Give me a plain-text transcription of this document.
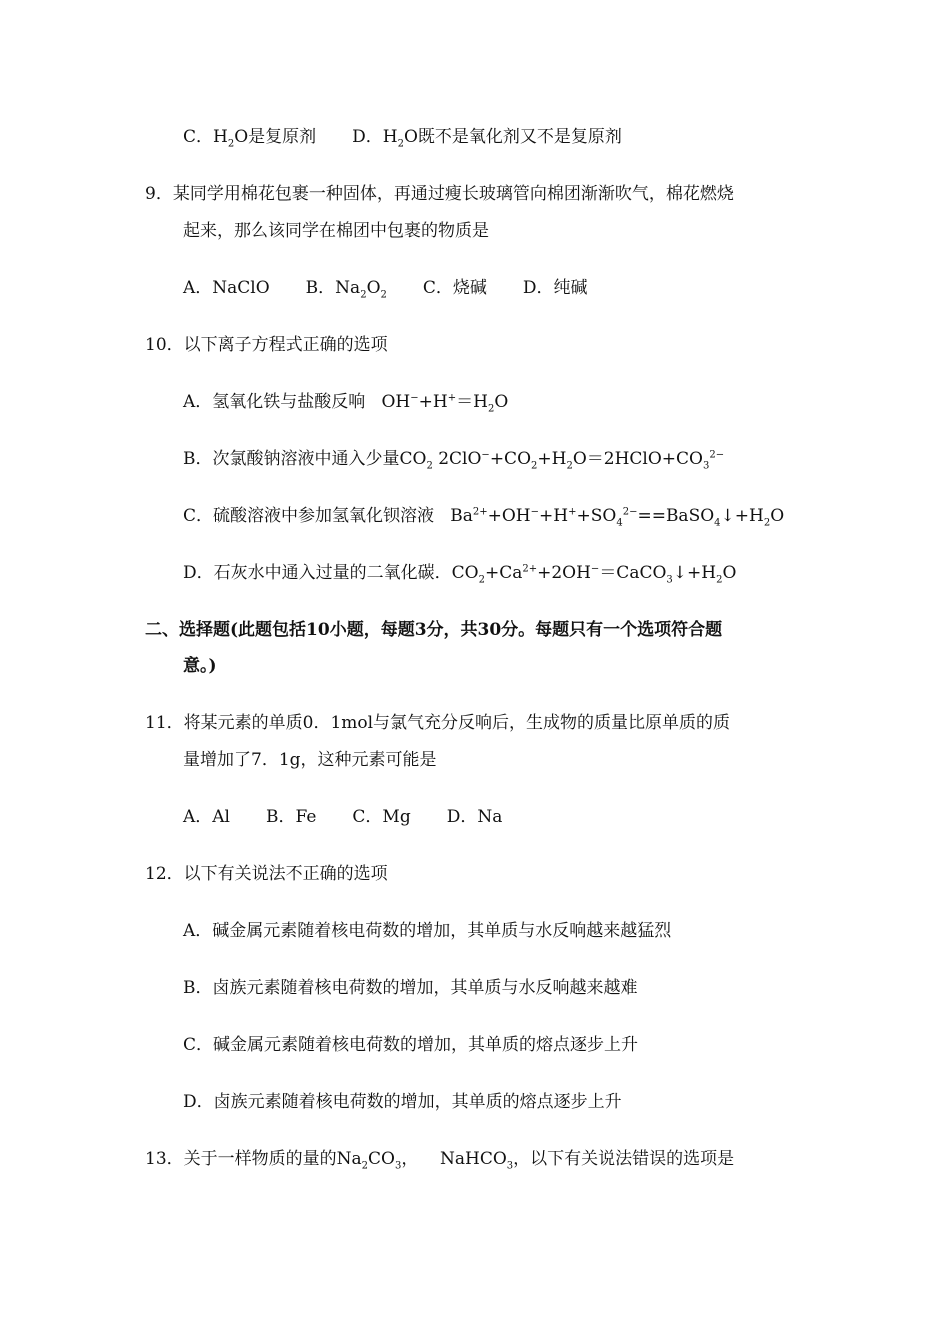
C．$H_2O$是复原剂 D．$H_2O$既不是氧化剂又不是复原剂
9．某同学用棉花包裹一种固体，再通过瘦长玻璃管向棉团渐渐吹气，棉花燃烧
起来，那么该同学在棉团中包裹的物质是
A．NaClO B．$Na_2O_2$ C．烧碱 D．纯碱
10．以下离子方程式正确的选项
A．氢氧化铁与盐酸反响 $OH^-+H^+=H_2O$
B．次氯酸钠溶液中通入少量$CO_2$ $2ClO^-+CO_2+H_2O=2HClO+CO_3^{2-}$
C．硫酸溶液中参加氢氧化钡溶液 $Ba^{2+}+OH^-+H^++SO_4^{2-}==BaSO_4↓+H_2O$
D．石灰水中通入过量的二氧化碳．$CO_2+Ca^{2+}+2OH^-=CaCO_3↓+H_2O$
二、选择题(此题包括10小题，每题3分，共30分。每题只有一个选项符合题
意。)
11．将某元素的单质0．1mol与氯气充分反响后，生成物的质量比原单质的质
量增加了7．1g，这种元素可能是
A．Al B．Fe C．Mg D．Na
12．以下有关说法不正确的选项
A．碱金属元素随着核电荷数的增加，其单质与水反响越来越猛烈
B．卤族元素随着核电荷数的增加，其单质与水反响越来越难
C．碱金属元素随着核电荷数的增加，其单质的熔点逐步上升
D．卤族元素随着核电荷数的增加，其单质的熔点逐步上升
13．关于一样物质的量的$Na_2CO_3$， NaHCO$_3$，以下有关说法错误的选项是
